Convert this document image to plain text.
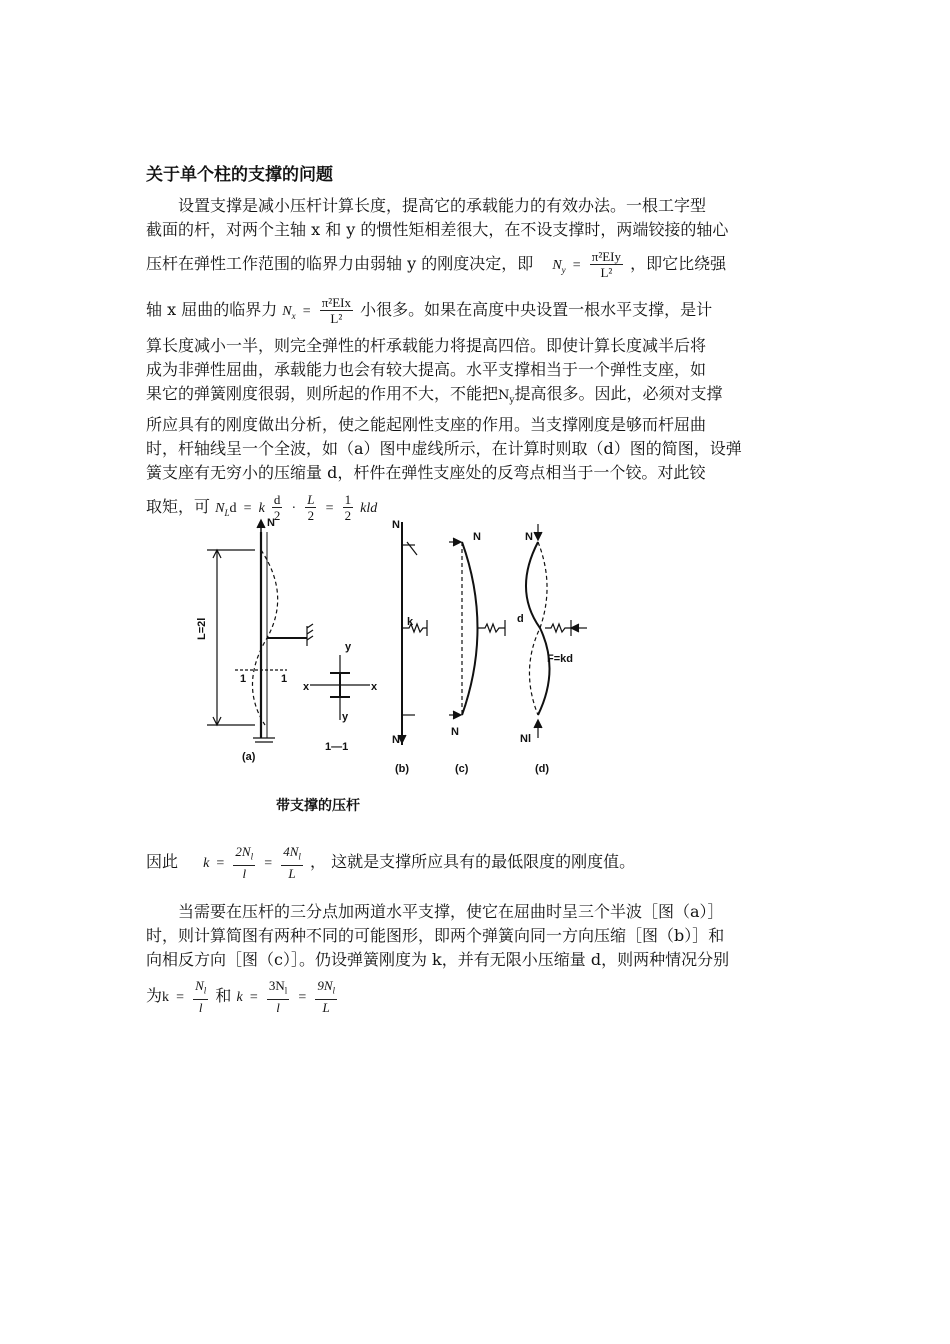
关于单个柱的支撑的问题
设置支撑是减小压杆计算长度，提高它的承载能力的有效办法。一根工字型
截面的杆，对两个主轴 x 和 y 的惯性矩相差很大，在不设支撑时，两端铰接的轴心
压杆在弹性工作范围的临界力由弱轴 y 的刚度决定，即 $N_y = \frac{\text{π²EIy}}{\text{L²}}$ ，即它比绕强
轴 x 屈曲的临界力 $N_x = \frac{\text{π²EIx}}{\text{L²}}$ 小很多。如果在高度中央设置一根水平支撑，是计
算长度减小一半，则完全弹性的杆承载能力将提高四倍。即使计算长度减半后将
成为非弹性屈曲，承载能力也会有较大提高。水平支撑相当于一个弹性支座，如
果它的弹簧刚度很弱，则所起的作用不大，不能把$N_y$提高很多。因此，必须对支撑
所应具有的刚度做出分析，使之能起刚性支座的作用。当支撑刚度是够而杆屈曲
时，杆轴线呈一个全波，如（a）图中虚线所示，在计算时则取（d）图的简图，设弹
簧支座有无穷小的压缩量 d，杆件在弹性支座处的反弯点相当于一个铰。对此铰
取矩，可 $N_Ld = k \frac{d}{2} \cdot \frac{L}{2} = \frac{1}{2}$ kld
N
L=2l
1	1
y
x	x
y
1—1
(a)
N
k
N
(b)
N
N
(c)
N
d
F=kd
Nl
(d)
带支撑的压杆
因此 $k = \frac{2N_l}{l} = \frac{4N_l}{L}$ ， 这就是支撑所应具有的最低限度的刚度值。
当需要在压杆的三分点加两道水平支撑，使它在屈曲时呈三个半波［图（a）］
时，则计算简图有两种不同的可能图形，即两个弹簧向同一方向压缩［图（b）］和
向相反方向［图（c）］。仍设弹簧刚度为 k，并有无限小压缩量 d，则两种情况分别
为$k = \frac{N_l}{l}$ 和 $k = \frac{3N_l}{l} = \frac{9N_l}{L}$
